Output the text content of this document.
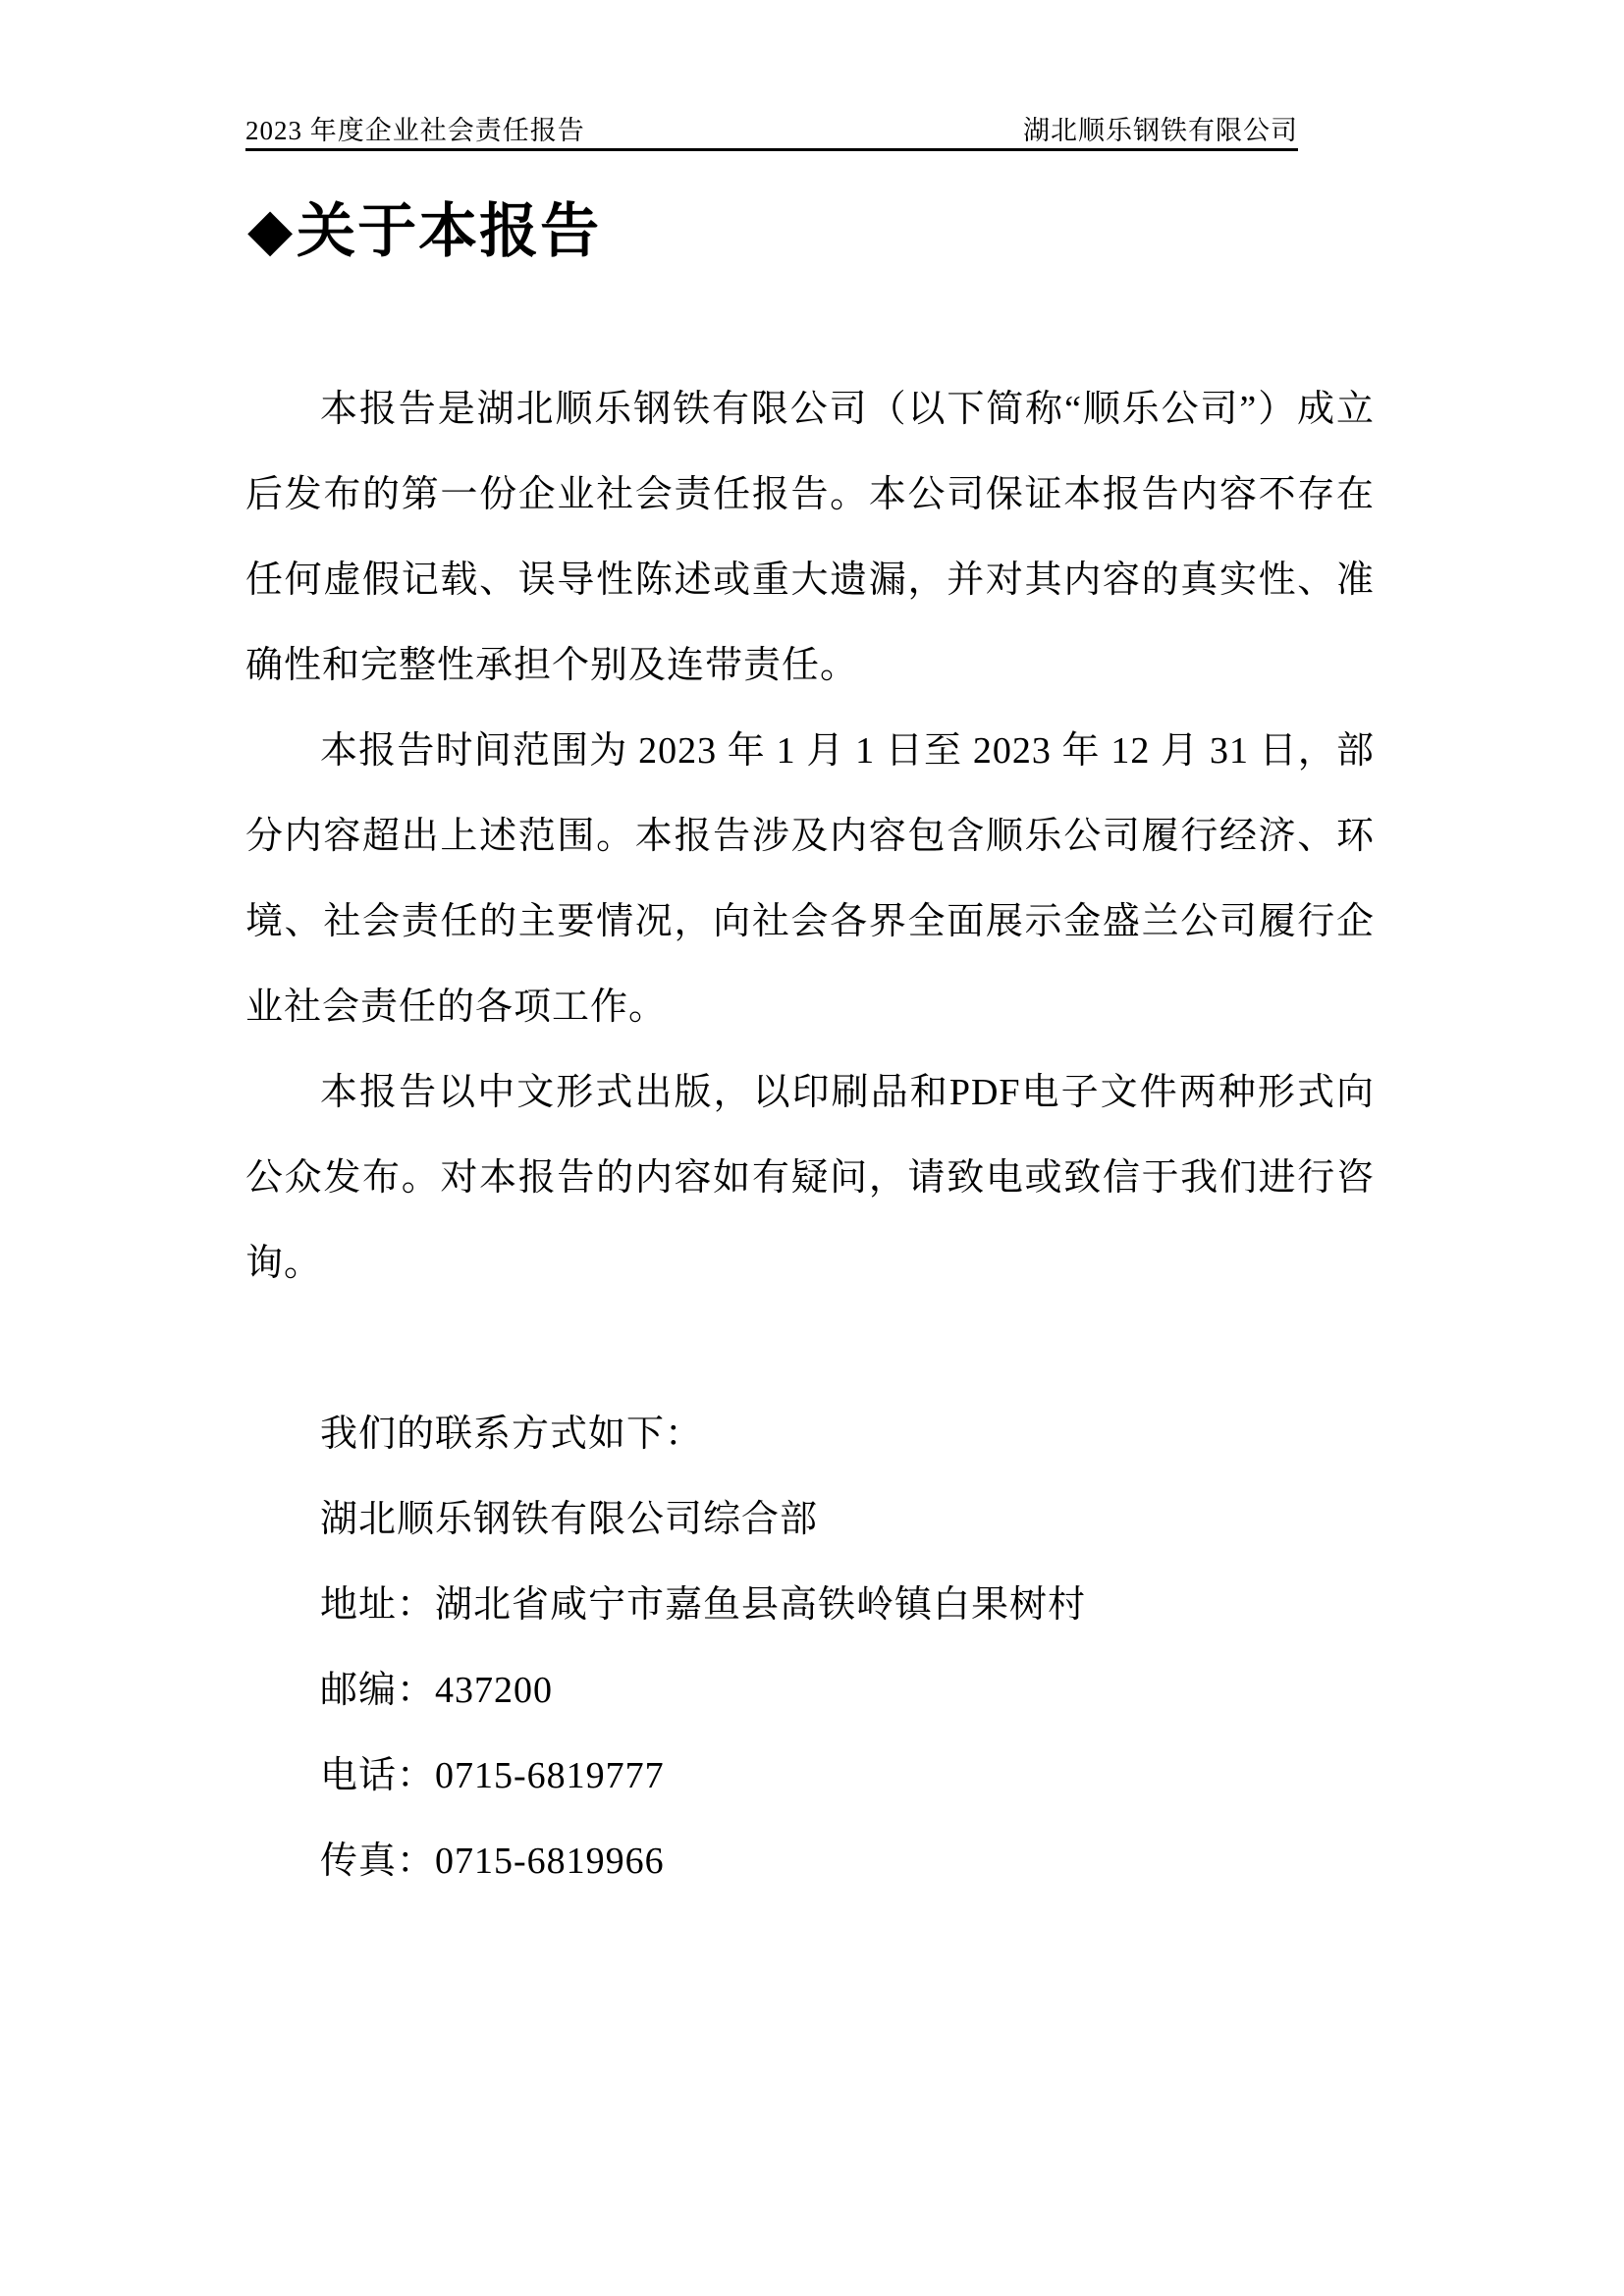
2023 年度企业社会责任报告	湖北顺乐钢铁有限公司
◆关于本报告

本报告是湖北顺乐钢铁有限公司（以下简称“顺乐公司”）成立后发布的第一份企业社会责任报告。本公司保证本报告内容不存在任何虚假记载、误导性陈述或重大遗漏，并对其内容的真实性、准确性和完整性承担个别及连带责任。

本报告时间范围为 2023 年 1 月 1 日至 2023 年 12 月 31 日，部分内容超出上述范围。本报告涉及内容包含顺乐公司履行经济、环境、社会责任的主要情况，向社会各界全面展示金盛兰公司履行企业社会责任的各项工作。

本报告以中文形式出版，以印刷品和PDF电子文件两种形式向公众发布。对本报告的内容如有疑问，请致电或致信于我们进行咨询。

我们的联系方式如下：

湖北顺乐钢铁有限公司综合部

地址：湖北省咸宁市嘉鱼县高铁岭镇白果树村

邮编：437200

电话：0715-6819777

传真：0715-6819966
